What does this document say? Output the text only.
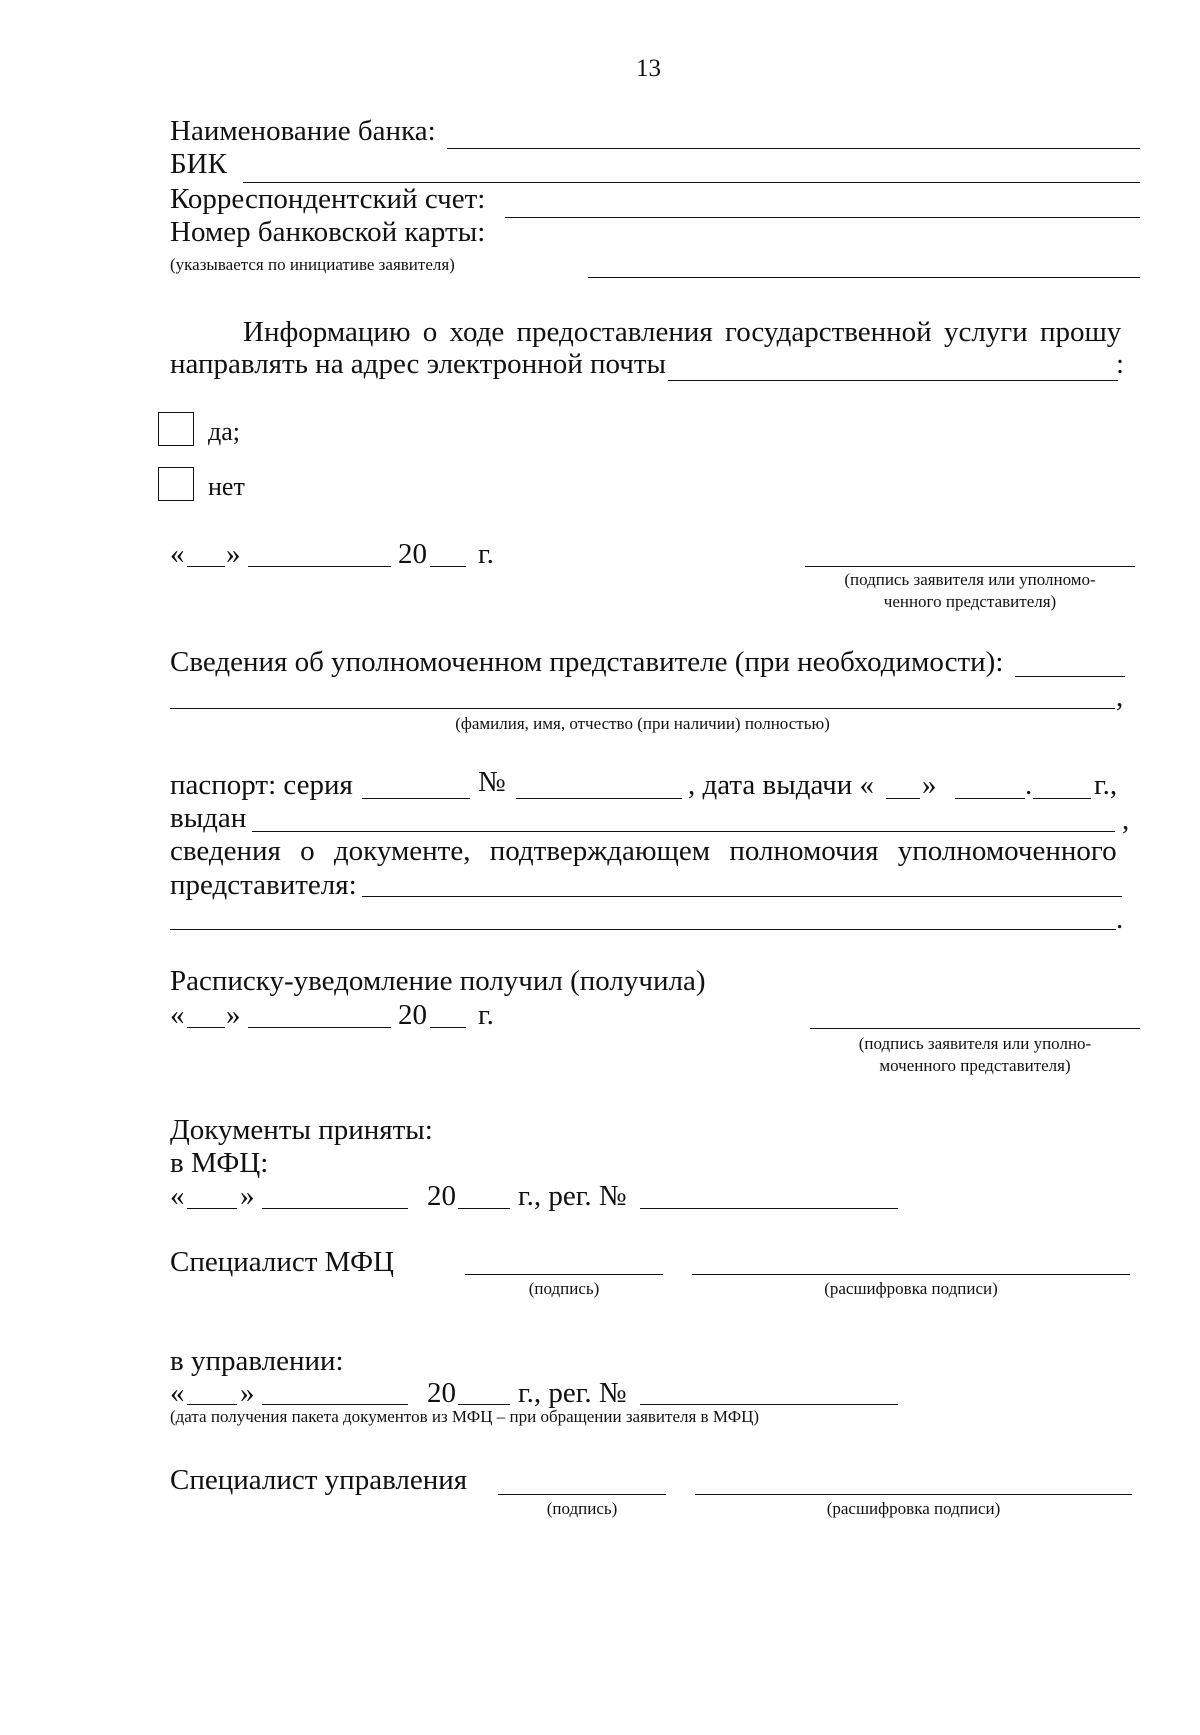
13
Наименование банка:
БИК
Корреспондентский счет:
Номер банковской карты:
(указывается по инициативе заявителя)
Информацию о ходе предоставления государственной услуги прошу
направлять на адрес электронной почты	:
да;
нет
« »	20 г.
(подпись заявителя или уполномо-
ченного представителя)
Сведения об уполномоченном представителе (при необходимости):
,
(фамилия, имя, отчество (при наличии) полностью)
паспорт: серия	№	, дата выдачи « »	. г.,
выдан	,
сведения о документе, подтверждающем полномочия уполномоченного
представителя:
.
Расписку-уведомление получил (получила)
« »	20 г.
(подпись заявителя или уполно-
моченного представителя)
Документы приняты:
в МФЦ:
« »	20 г., рег. №
Специалист МФЦ
(подпись)	(расшифровка подписи)
в управлении:
« »	20 г., рег. №
(дата получения пакета документов из МФЦ – при обращении заявителя в МФЦ)
Специалист управления
(подпись)	(расшифровка подписи)
